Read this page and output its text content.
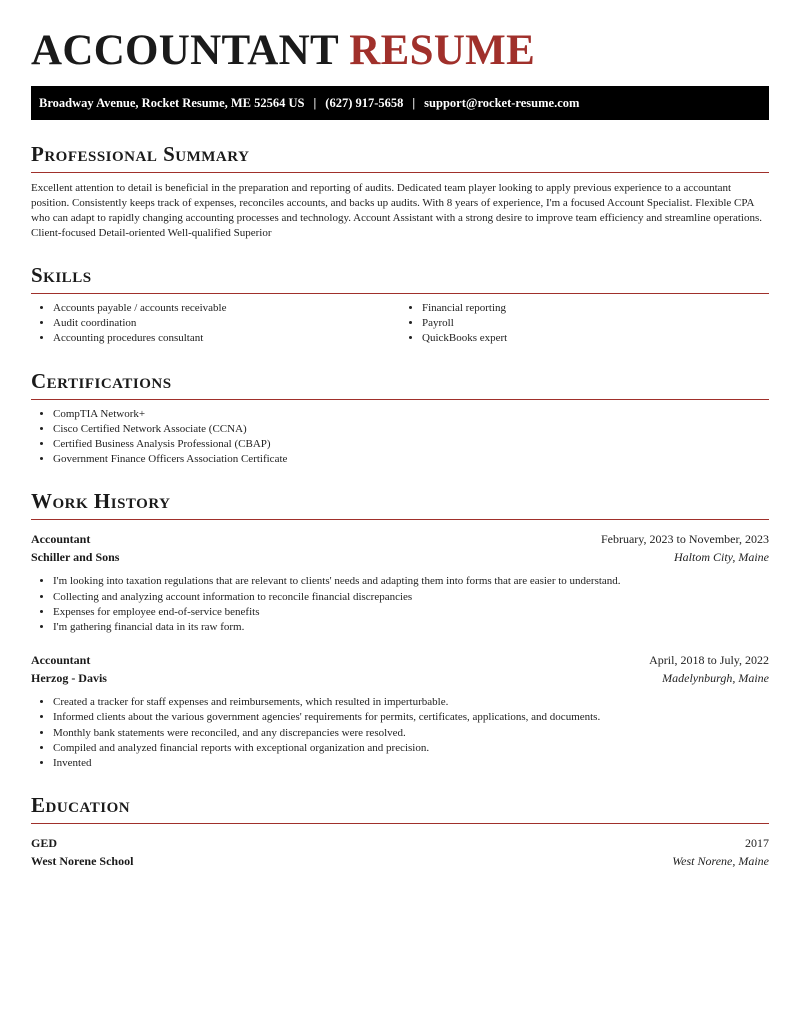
ACCOUNTANT RESUME
Broadway Avenue, Rocket Resume, ME 52564 US | (627) 917-5658 | support@rocket-resume.com
Professional Summary

Excellent attention to detail is beneficial in the preparation and reporting of audits. Dedicated team player looking to apply previous experience to a accountant position. Consistently keeps track of expenses, reconciles accounts, and backs up audits. With 8 years of experience, I'm a focused Account Specialist. Flexible CPA who can adapt to rapidly changing accounting processes and technology. Account Assistant with a strong desire to improve team efficiency and streamline operations. Client-focused Detail-oriented Well-qualified Superior

Skills
• Accounts payable / accounts receivable
• Audit coordination
• Accounting procedures consultant
• Financial reporting
• Payroll
• QuickBooks expert
Certifications
• CompTIA Network+
• Cisco Certified Network Associate (CCNA)
• Certified Business Analysis Professional (CBAP)
• Government Finance Officers Association Certificate
Work History
Accountant	February, 2023 to November, 2023
Schiller and Sons	Haltom City, Maine
• I'm looking into taxation regulations that are relevant to clients' needs and adapting them into forms that are easier to understand.
• Collecting and analyzing account information to reconcile financial discrepancies
• Expenses for employee end-of-service benefits
• I'm gathering financial data in its raw form.
Accountant	April, 2018 to July, 2022
Herzog - Davis	Madelynburgh, Maine
• Created a tracker for staff expenses and reimbursements, which resulted in imperturbable.
• Informed clients about the various government agencies' requirements for permits, certificates, applications, and documents.
• Monthly bank statements were reconciled, and any discrepancies were resolved.
• Compiled and analyzed financial reports with exceptional organization and precision.
• Invented
Education
GED	2017
West Norene School	West Norene, Maine
